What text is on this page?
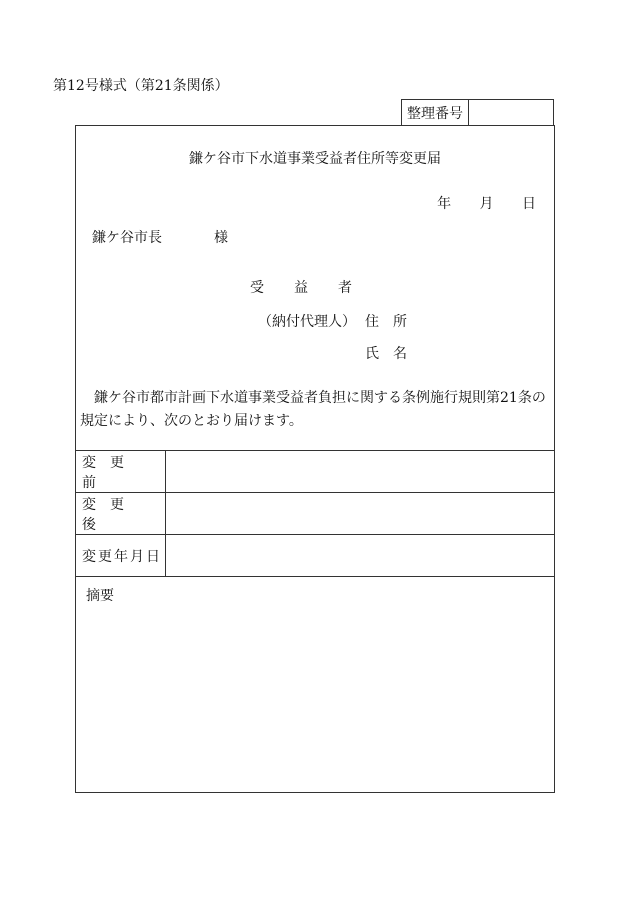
第12号様式（第21条関係）
整理番号
鎌ケ谷市下水道事業受益者住所等変更届
年 月 日
鎌ケ谷市長	様
受益者
（納付代理人） 住所
氏名
鎌ケ谷市都市計画下水道事業受益者負担に関する条例施行規則第21条の規定により、次のとおり届けます。
変更前
変更後
変更年月日
摘要
